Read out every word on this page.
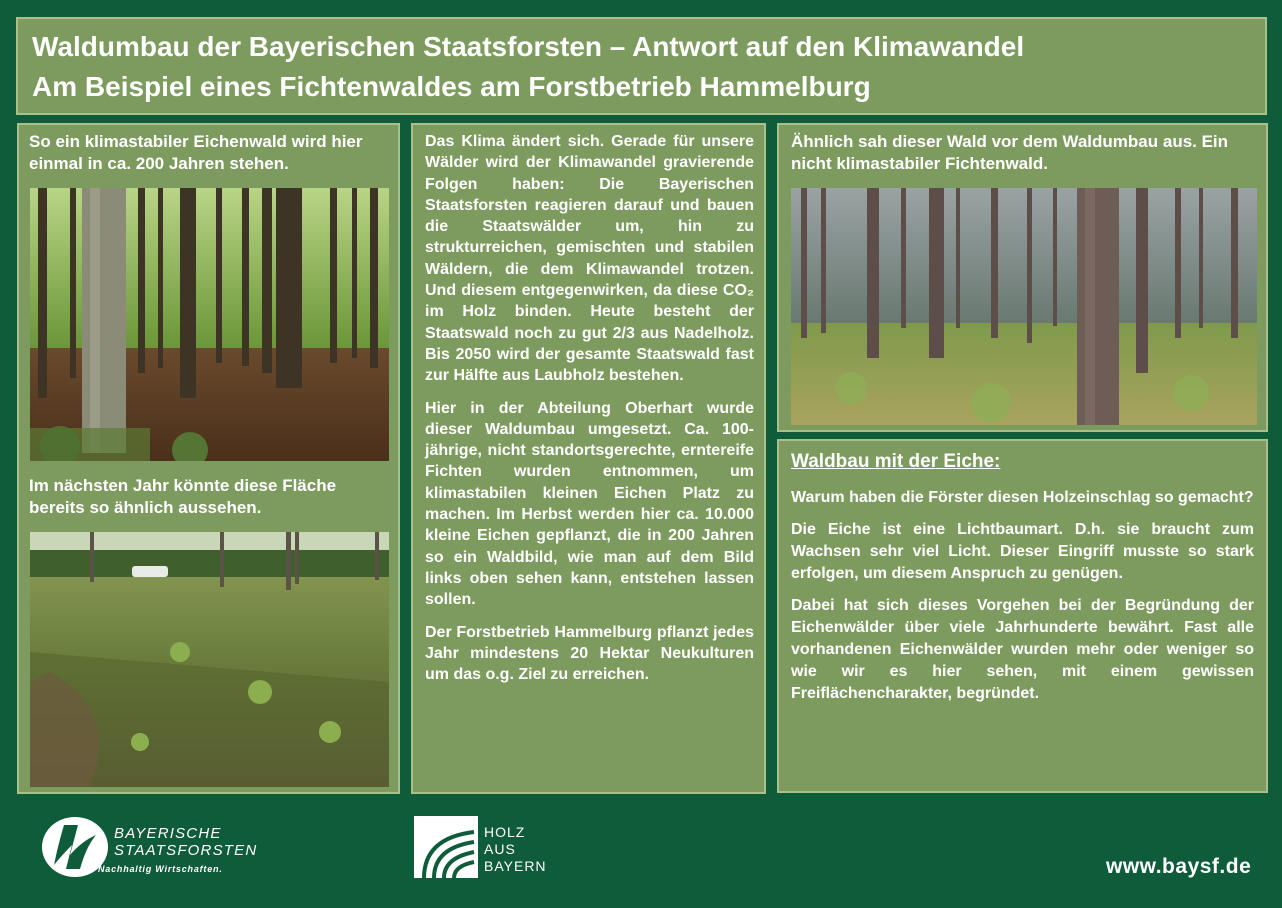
Waldumbau der Bayerischen Staatsforsten – Antwort auf den Klimawandel
Am Beispiel eines Fichtenwaldes am Forstbetrieb Hammelburg
So ein klimastabiler Eichenwald wird hier einmal in ca. 200 Jahren stehen.
Im nächsten Jahr könnte diese Fläche bereits so ähnlich aussehen.

Das Klima ändert sich. Gerade für unsere Wälder wird der Klimawandel gravierende Folgen haben: Die Bayerischen Staatsforsten reagieren darauf und bauen die Staatswälder um, hin zu strukturreichen, gemischten und stabilen Wäldern, die dem Klimawandel trotzen. Und diesem entgegenwirken, da diese CO₂ im Holz binden. Heute besteht der Staatswald noch zu gut 2/3 aus Nadelholz. Bis 2050 wird der gesamte Staatswald fast zur Hälfte aus Laubholz bestehen.

Hier in der Abteilung Oberhart wurde dieser Waldumbau umgesetzt. Ca. 100-jährige, nicht standortsgerechte, erntereife Fichten wurden entnommen, um klimastabilen kleinen Eichen Platz zu machen. Im Herbst werden hier ca. 10.000 kleine Eichen gepflanzt, die in 200 Jahren so ein Waldbild, wie man auf dem Bild links oben sehen kann, entstehen lassen sollen.

Der Forstbetrieb Hammelburg pflanzt jedes Jahr mindestens 20 Hektar Neukulturen um das o.g. Ziel zu erreichen.

Ähnlich sah dieser Wald vor dem Waldumbau aus. Ein nicht klimastabiler Fichtenwald.
Waldbau mit der Eiche:

Warum haben die Förster diesen Holzeinschlag so gemacht?

Die Eiche ist eine Lichtbaumart. D.h. sie braucht zum Wachsen sehr viel Licht. Dieser Eingriff musste so stark erfolgen, um diesem Anspruch zu genügen.

Dabei hat sich dieses Vorgehen bei der Begründung der Eichenwälder über viele Jahrhunderte bewährt. Fast alle vorhandenen Eichenwälder wurden mehr oder weniger so wie wir es hier sehen, mit einem gewissen Freiflächencharakter, begründet.

BAYERISCHE
STAATSFORSTEN
Nachhaltig Wirtschaften.
HOLZ
AUS
BAYERN	www.baysf.de
